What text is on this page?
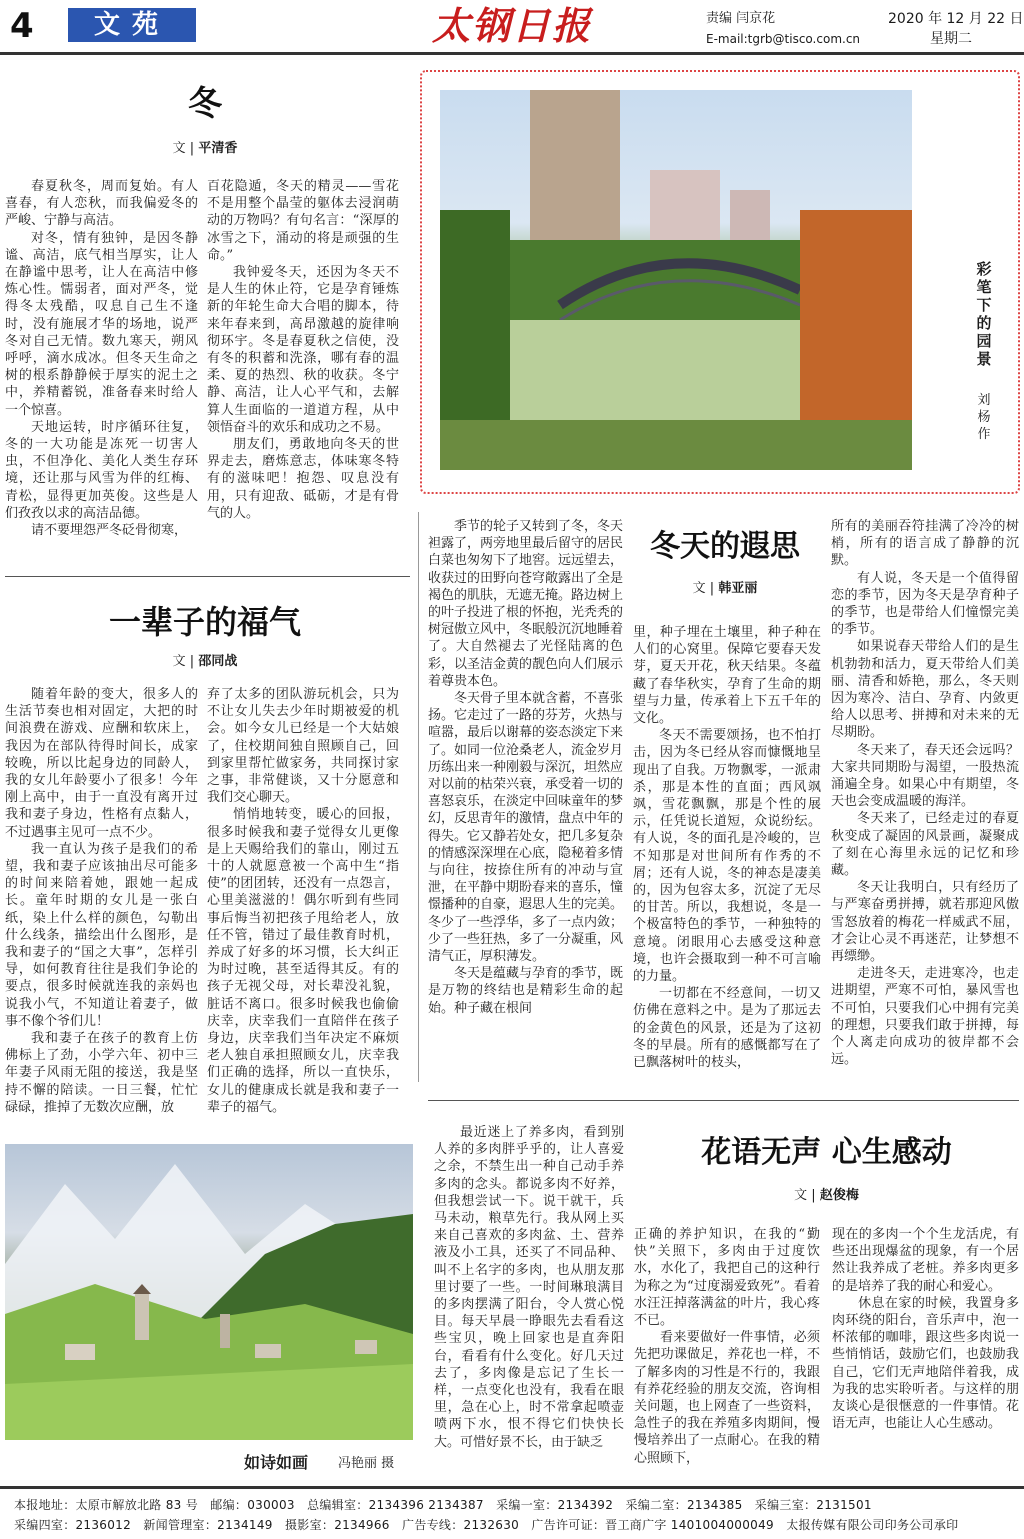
4	文苑	太钢日报	责编 闫京花
E-mail:tgrb@tisco.com.cn
2020 年 12 月 22 日
星期二
冬
文 | 平清香

春夏秋冬，周而复始。有人喜春，有人恋秋，而我偏爱冬的严峻、宁静与高洁。

对冬，情有独钟，是因冬静谧、高洁，底气相当厚实，让人在静谧中思考，让人在高洁中修炼心性。懦弱者，面对严冬，觉得冬太残酷，叹息自己生不逢时，没有施展才华的场地，说严冬对自己无情。数九寒天，朔风呼呼，滴水成冰。但冬天生命之树的根系静静候于厚实的泥土之中，养精蓄锐，准备春来时给人一个惊喜。

天地运转，时序循环往复，冬的一大功能是冻死一切害人虫，不但净化、美化人类生存环境，还让那与风雪为伴的红梅、青松，显得更加英俊。这些是人们孜孜以求的高洁品德。

请不要埋怨严冬砭骨彻寒，

百花隐遁，冬天的精灵——雪花不是用整个晶莹的躯体去浸润萌动的万物吗？有句名言：“深厚的冰雪之下，涌动的将是顽强的生命。”

我钟爱冬天，还因为冬天不是人生的休止符，它是孕育锤炼新的年轮生命大合唱的脚本，待来年春来到，高昂激越的旋律响彻环宇。冬是春夏秋之信使，没有冬的积蓄和洗涤，哪有春的温柔、夏的热烈、秋的收获。冬宁静、高洁，让人心平气和，去解算人生面临的一道道方程，从中领悟奋斗的欢乐和成功之不易。

朋友们，勇敢地向冬天的世界走去，磨炼意志，体味寒冬特有的滋味吧！抱怨、叹息没有用，只有迎敌、砥砺，才是有骨气的人。

一辈子的福气
文 | 邵同战

随着年龄的变大，很多人的生活节奏也相对固定，大把的时间浪费在游戏、应酬和软床上，我因为在部队待得时间长，成家较晚，所以比起身边的同龄人，我的女儿年龄要小了很多！今年刚上高中，由于一直没有离开过我和妻子身边，性格有点黏人，不过遇事主见可一点不少。

我一直认为孩子是我们的希望，我和妻子应该抽出尽可能多的时间来陪着她，跟她一起成长。童年时期的女儿是一张白纸，染上什么样的颜色，勾勒出什么线条，描绘出什么图形，是我和妻子的“国之大事”，怎样引导，如何教育往往是我们争论的要点，很多时候就连我的亲妈也说我小气，不知道让着妻子，做事不像个爷们儿！

我和妻子在孩子的教育上仿佛标上了劲，小学六年、初中三年妻子风雨无阻的接送，我是坚持不懈的陪读。一日三餐，忙忙碌碌，推掉了无数次应酬，放

弃了太多的团队游玩机会，只为不让女儿失去少年时期被爱的机会。如今女儿已经是一个大姑娘了，住校期间独自照顾自己，回到家里帮忙做家务，共同探讨家之事，非常健谈，又十分愿意和我们交心聊天。

悄悄地转变，暖心的回报，很多时候我和妻子觉得女儿更像是上天赐给我们的靠山，刚过五十的人就愿意被一个高中生“指使”的团团转，还没有一点怨言，心里美滋滋的！偶尔听到有些同事后悔当初把孩子甩给老人，放任不管，错过了最佳教育时机，养成了好多的坏习惯，长大纠正为时过晚，甚至适得其反。有的孩子无视父母，对长辈没礼貌，脏话不离口。很多时候我也偷偷庆幸，庆幸我们一直陪伴在孩子身边，庆幸我们当年决定不麻烦老人独自承担照顾女儿，庆幸我们正确的选择，所以一直快乐，女儿的健康成长就是我和妻子一辈子的福气。

如诗如画 冯艳丽 摄
彩笔下的园景
刘杨作
冬天的遐思
文 | 韩亚丽

季节的轮子又转到了冬，冬天袒露了，两旁地里最后留守的居民白菜也匆匆下了地窖。远远望去，收获过的田野向苍穹敞露出了全是褐色的肌肤，无遮无掩。路边树上的叶子投进了根的怀抱，光秃秃的树冠傲立风中，冬眠般沉沉地睡着了。大自然褪去了光怪陆离的色彩，以圣洁金黄的靓色向人们展示着尊贵本色。

冬天骨子里本就含蓄，不喜张扬。它走过了一路的芬芳，火热与喧嚣，最后以谢幕的姿态淡定下来了。如同一位沧桑老人，流金岁月历练出来一种刚毅与深沉，坦然应对以前的枯荣兴衰，承受着一切的喜怒哀乐，在淡定中回味童年的梦幻，反思青年的激情，盘点中年的得失。它又静若处女，把几多复杂的情感深深埋在心底，隐秘着多情与向往，按捺住所有的冲动与宣泄，在平静中期盼春来的喜乐，憧憬播种的自豪，遐思人生的完美。冬少了一些浮华，多了一点内敛；少了一些狂热，多了一分凝重，风清气正，厚积薄发。

冬天是蕴藏与孕育的季节，既是万物的终结也是精彩生命的起始。种子藏在根间

里，种子埋在土壤里，种子种在人们的心窝里。保障它要春天发芽，夏天开花，秋天结果。冬蕴藏了春华秋实，孕育了生命的期望与力量，传承着上下五千年的文化。

冬天不需要颂扬，也不怕打击，因为冬已经从容而慷慨地呈现出了自我。万物飘零，一派肃杀，那是本性的直面；西风飒飒，雪花飘飘，那是个性的展示，任凭说长道短，众说纷纭。有人说，冬的面孔是冷峻的，岂不知那是对世间所有作秀的不屑；还有人说，冬的神态是凄美的，因为包容太多，沉淀了无尽的甘苦。所以，我想说，冬是一个极富特色的季节，一种独特的意境。闭眼用心去感受这种意境，也许会摄取到一种不可言喻的力量。

一切都在不经意间，一切又仿佛在意料之中。是为了那远去的金黄色的风景，还是为了这初冬的早晨。所有的感慨都写在了已飘落树叶的枝头，

所有的美丽吞符挂满了冷冷的树梢，所有的语言成了静静的沉默。

有人说，冬天是一个值得留恋的季节，因为冬天是孕育种子的季节，也是带给人们憧憬完美的季节。

如果说春天带给人们的是生机勃勃和活力，夏天带给人们美丽、清香和娇艳，那么，冬天则因为寒冷、洁白、孕育、内敛更给人以思考、拼搏和对未来的无尽期盼。

冬天来了，春天还会远吗？大家共同期盼与渴望，一股热流涌遍全身。如果心中有期望，冬天也会变成温暖的海洋。

冬天来了，已经走过的春夏秋变成了凝固的风景画，凝聚成了刻在心海里永远的记忆和珍藏。

冬天让我明白，只有经历了与严寒奋勇拼搏，就若那迎风傲雪怒放着的梅花一样威武不屈，才会让心灵不再迷茫，让梦想不再缥缈。

走进冬天，走进寒冷，也走进期望，严寒不可怕，暴风雪也不可怕，只要我们心中拥有完美的理想，只要我们敢于拼搏，每个人离走向成功的彼岸都不会远。

花语无声 心生感动
文 | 赵俊梅

最近迷上了养多肉，看到别人养的多肉胖乎乎的，让人喜爱之余，不禁生出一种自己动手养多肉的念头。都说多肉不好养，但我想尝试一下。说干就干，兵马未动，粮草先行。我从网上买来自己喜欢的多肉盆、土、营养液及小工具，还买了不同品种、叫不上名字的多肉，也从朋友那里讨要了一些。一时间琳琅满目的多肉摆满了阳台，令人赏心悦目。每天早晨一睁眼先去看看这些宝贝，晚上回家也是直奔阳台，看看有什么变化。好几天过去了，多肉像是忘记了生长一样，一点变化也没有，我看在眼里，急在心上，时不常拿起喷壶喷两下水，恨不得它们快快长大。可惜好景不长，由于缺乏

正确的养护知识，在我的“勤快”关照下，多肉由于过度饮水，水化了，我把自己的这种行为称之为“过度溺爱致死”。看着水汪汪掉落满盆的叶片，我心疼不已。

看来要做好一件事情，必须先把功课做足，养花也一样，不了解多肉的习性是不行的，我跟有养花经验的朋友交流，咨询相关问题，也上网查了一些资料，急性子的我在养殖多肉期间，慢慢培养出了一点耐心。在我的精心照顾下，

现在的多肉一个个生龙活虎，有些还出现爆盆的现象，有一个居然让我养成了老桩。养多肉更多的是培养了我的耐心和爱心。

休息在家的时候，我置身多肉环绕的阳台，音乐声中，泡一杯浓郁的咖啡，跟这些多肉说一些悄悄话，鼓励它们，也鼓励我自己，它们无声地陪伴着我，成为我的忠实聆听者。与这样的朋友谈心是很惬意的一件事情。花语无声，也能让人心生感动。

本报地址：太原市解放北路 83 号　邮编：030003　总编辑室：2134396 2134387　采编一室：2134392　采编二室：2134385　采编三室：2131501
采编四室：2136012　新闻管理室：2134149　摄影室：2134966　广告专线：2132630　广告许可证：晋工商广字 1401004000049　太报传媒有限公司印务公司承印
